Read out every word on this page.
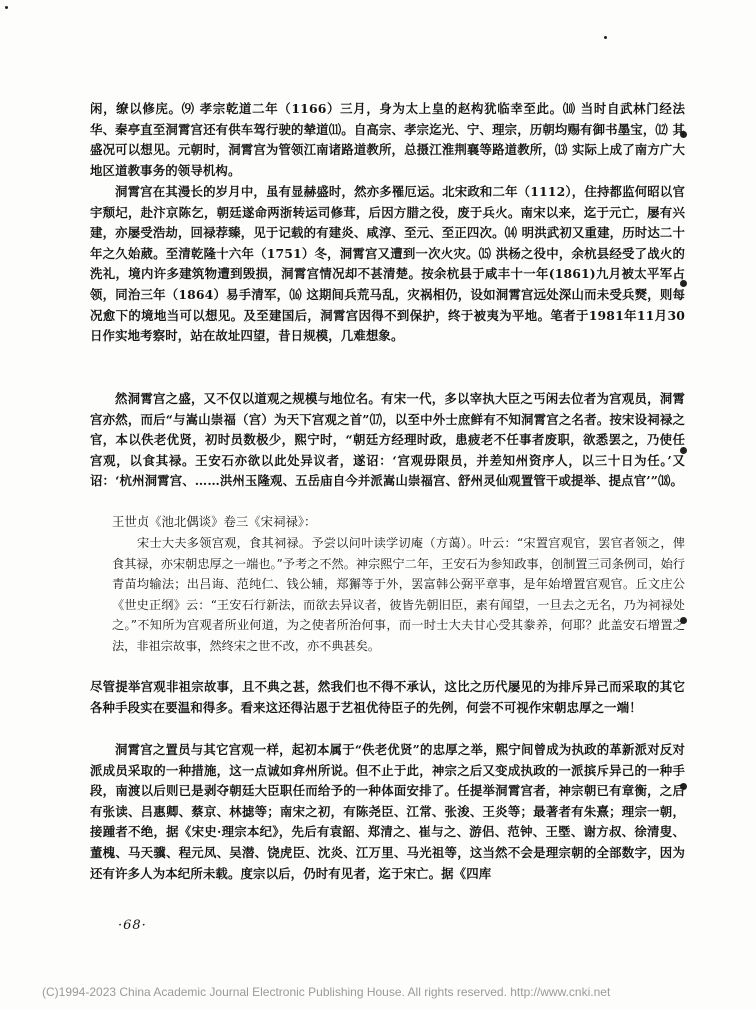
闲，缭以修庑。⑼ 孝宗乾道二年（1166）三月，身为太上皇的赵构犹临幸至此。⑽ 当时自武林门经法华、秦亭直至洞霄宫还有供车驾行驶的辇道⑾。自高宗、孝宗迄光、宁、理宗，历朝均赐有御书墨宝，⑿ 其盛况可以想见。元朝时，洞霄宫为管领江南诸路道教所，总摄江淮荆襄等路道教所，⒀ 实际上成了南方广大地区道教事务的领导机构。
洞霄宫在其漫长的岁月中，虽有显赫盛时，然亦多罹厄运。北宋政和二年（1112），住持都监何昭以官宇颓圮，赴汴京陈乞，朝廷遂命两浙转运司修茸，后因方腊之役，废于兵火。南宋以来，迄于元亡，屡有兴建，亦屡受浩劫，回禄荐臻，见于记载的有建炎、咸淳、至元、至正四次。⒁ 明洪武初又重建，历时达二十年之久始葳。至清乾隆十六年（1751）冬，洞霄宫又遭到一次火灾。⒂ 洪杨之役中，余杭县经受了战火的洗礼，境内许多建筑物遭到毁损，洞霄宫情况却不甚清楚。按余杭县于咸丰十一年(1861)九月被太平军占领，同治三年（1864）易手清军，⒃ 这期间兵荒马乱，灾祸相仍，设如洞霄宫远处深山而未受兵燹，则每况愈下的境地当可以想见。及至建国后，洞霄宫因得不到保护，终于被夷为平地。笔者于1981年11月30日作实地考察时，站在故址四望，昔日规模，几难想象。
然洞霄宫之盛，又不仅以道观之规模与地位名。有宋一代，多以宰执大臣之丐闲去位者为宫观员，洞霄宫亦然，而后“与嵩山崇福（宫）为天下宫观之首”⒄，以至中外士庶鲜有不知洞霄宫之名者。按宋设祠禄之官，本以佚老优贤，初时员数极少，熙宁时，“朝廷方经理时政，患疲老不任事者废职，欲悉罢之，乃使任宫观，以食其禄。王安石亦欲以此处异议者，遂诏：‘宫观毋限员，并差知州资序人，以三十日为任。’又诏：‘杭州洞霄宫、……洪州玉隆观、五岳庙自今并派嵩山崇福宫、舒州灵仙观置管干或提举、提点官’”⒅。
王世贞《池北偶谈》卷三《宋祠禄》：
宋士大夫多领宫观，食其祠禄。予尝以问叶读学讱庵（方蔼）。叶云：“宋置宫观官，罢官者领之，俾食其禄，亦宋朝忠厚之一端也。”予考之不然。神宗熙宁二年，王安石为参知政事，创制置三司条例司，始行青苗均输法；出吕诲、范纯仁、钱公辅，郑獬等于外，罢富韩公弼平章事，是年始增置宫观官。丘文庄公《世史正纲》云：“王安石行新法，而欲去异议者，彼皆先朝旧臣，素有闻望，一旦去之无名，乃为祠禄处之。”不知所为宫观者所业何道，为之使者所治何事，而一时士大夫甘心受其豢养，何耶？此盖安石增置之法，非祖宗故事，然终宋之世不改，亦不典甚矣。
尽管提举宫观非祖宗故事，且不典之甚，然我们也不得不承认，这比之历代屡见的为排斥异己而采取的其它各种手段实在要温和得多。看来这还得沾恩于艺祖优待臣子的先例，何尝不可视作宋朝忠厚之一端！
洞霄宫之置员与其它宫观一样，起初本属于“佚老优贤”的忠厚之举，熙宁间曾成为执政的革新派对反对派成员采取的一种措施，这一点诚如弇州所说。但不止于此，神宗之后又变成执政的一派摈斥异己的一种手段，南渡以后则已是剥夺朝廷大臣职任而给予的一种体面安排了。任提举洞霄宫者，神宗朝已有章衡，之后有张读、吕惠卿、蔡京、林摅等；南宋之初，有陈尧臣、江常、张浚、王炎等；最著者有朱熹；理宗一朝，接踵者不绝，据《宋史·理宗本纪》，先后有袁韶、郑清之、崔与之、游侣、范钟、王塈、谢方叔、徐清叟、董槐、马天骥、程元凤、吴潜、饶虎臣、沈炎、江万里、马光祖等，这当然不会是理宗朝的全部数字，因为还有许多人为本纪所未载。度宗以后，仍时有见者，迄于宋亡。据《四库
·68·
(C)1994-2023 China Academic Journal Electronic Publishing House. All rights reserved. http://www.cnki.net
